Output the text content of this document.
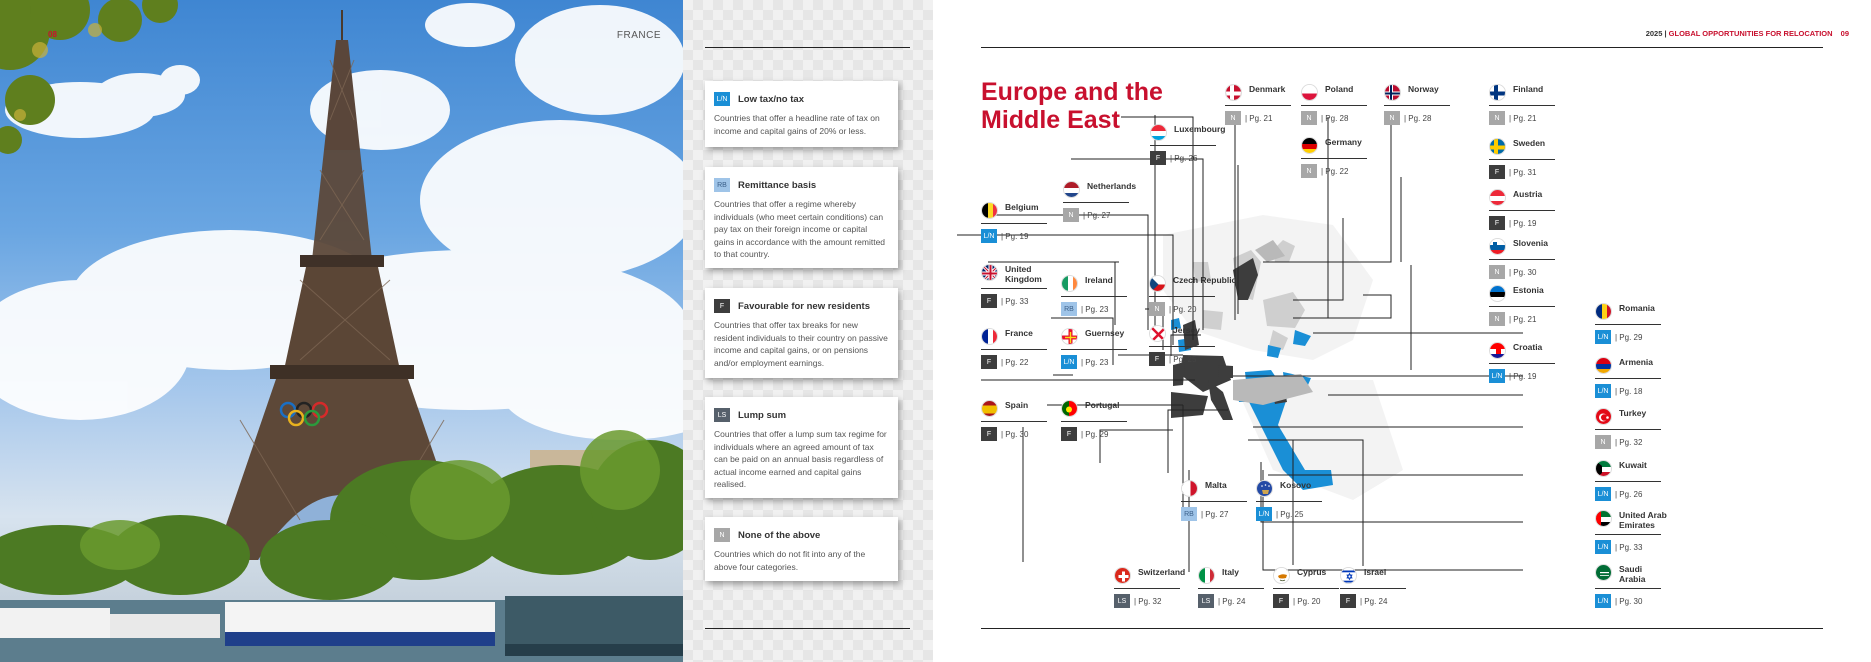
08	FRANCE
L/N Low tax/no tax
Countries that offer a headline rate of tax on income and capital gains of 20% or less.
RB	Remittance basis
Countries that offer a regime whereby individuals (who meet certain conditions) can pay tax on their foreign income or capital gains in accordance with the amount remitted to that country.
F	Favourable for new residents
Countries that offer tax breaks for new resident individuals to their country on passive income and capital gains, or on pensions and/or employment earnings.
LS	Lump sum
Countries that offer a lump sum tax regime for individuals where an agreed amount of tax can be paid on an annual basis regardless of actual income earned and capital gains realised.
N	None of the above
Countries which do not fit into any of the above four categories.
2025 | GLOBAL OPPORTUNITIES FOR RELOCATION 09
Europe and the
Middle East
Denmark
N	| Pg. 21
Poland
N	| Pg. 28
Norway
N	| Pg. 28
Finland
N	| Pg. 21
Luxembourg
F	| Pg. 26
Germany
N	| Pg. 22
Sweden
F	| Pg. 31
Netherlands
N	| Pg. 27
Austria
F	| Pg. 19
Belgium
L/N | Pg. 19
Slovenia
N	| Pg. 30
United
Kingdom
F	| Pg. 33
Ireland
RB | Pg. 23
Czech Republic
N	| Pg. 20
Estonia
N	| Pg. 21
Romania
L/N | Pg. 29
France
F	| Pg. 22
Guernsey
L/N | Pg. 23
Jersey
F	| Pg. 25
Croatia
L/N | Pg. 19
Armenia
L/N | Pg. 18
Spain
F	| Pg. 30
Portugal
F	| Pg. 29
Turkey
N	| Pg. 32
Kuwait
L/N | Pg. 26
Malta
RB | Pg. 27
Kosovo
L/N | Pg. 25	United Arab
Emirates
L/N | Pg. 33
Saudi
Arabia
L/N | Pg. 30
Switzerland
LS | Pg. 32
Italy
LS | Pg. 24
Cyprus
F	| Pg. 20
Israel
F	| Pg. 24
